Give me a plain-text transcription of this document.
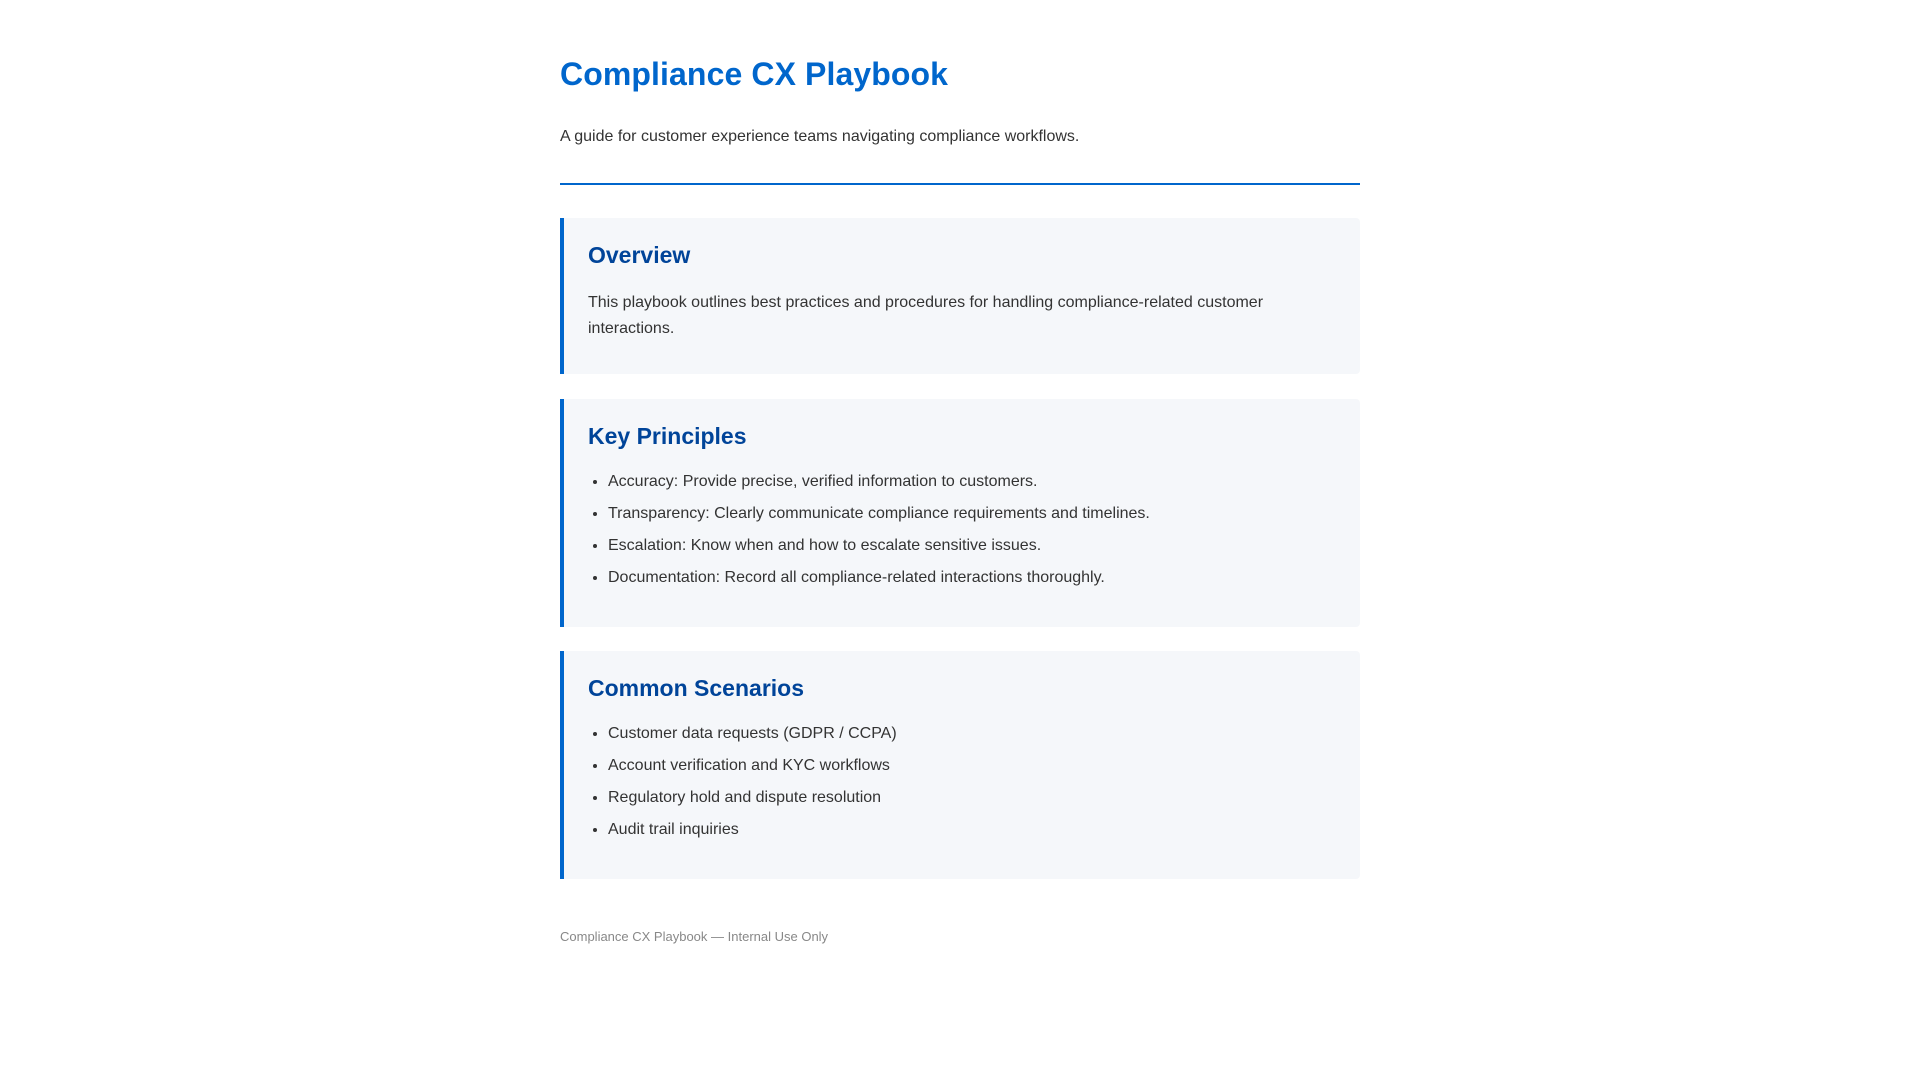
Compliance CX Playbook

A guide for customer experience teams navigating compliance workflows.

Overview

This playbook outlines best practices and procedures for handling compliance-related customer interactions.

Key Principles
• Accuracy: Provide precise, verified information to customers.
• Transparency: Clearly communicate compliance requirements and timelines.
• Escalation: Know when and how to escalate sensitive issues.
• Documentation: Record all compliance-related interactions thoroughly.
Common Scenarios
• Customer data requests (GDPR / CCPA)
• Account verification and KYC workflows
• Regulatory hold and dispute resolution
• Audit trail inquiries
Compliance CX Playbook — Internal Use Only
